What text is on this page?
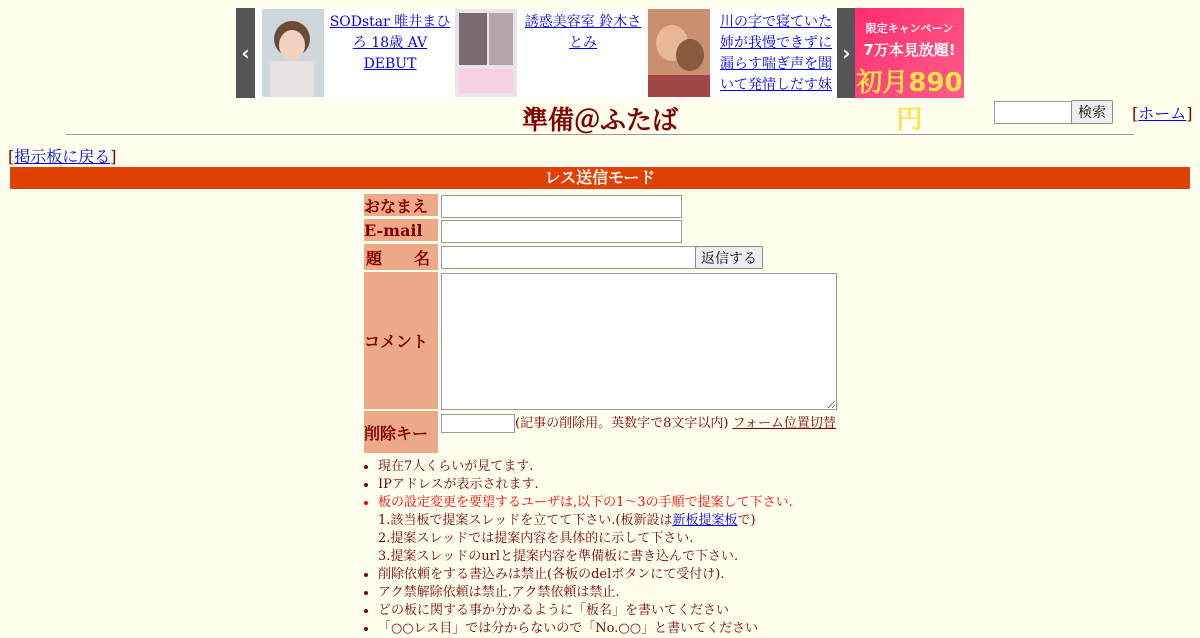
‹
SODstar 唯井まひろ 18歳 AV DEBUT
誘惑美容室 鈴木さとみ
川の字で寝ていた姉が我慢できずに漏らす喘ぎ声を聞いて発情しだす妹
›
限定キャンペーン
7万本見放題!
初月890円
準備＠ふたば	検索	[ホーム]
[掲示板に戻る]
レス送信モード
おなまえ
E-mail
題　　名	返信する
コメント
削除キー	(記事の削除用。英数字で8文字以内) フォーム位置切替
• 現在7人くらいが見てます.
• IPアドレスが表示されます.
• 板の設定変更を要望するユーザは,以下の1～3の手順で提案して下さい.
1.該当板で提案スレッドを立てて下さい.(板新設は新板提案板で)
2.提案スレッドでは提案内容を具体的に示して下さい.
3.提案スレッドのurlと提案内容を準備板に書き込んで下さい.
• 削除依頼をする書込みは禁止(各板のdelボタンにて受付け).
• アク禁解除依頼は禁止.アク禁依頼は禁止.
• どの板に関する事か分かるように「板名」を書いてください
• 「○○レス目」では分からないので「No.○○」と書いてください
